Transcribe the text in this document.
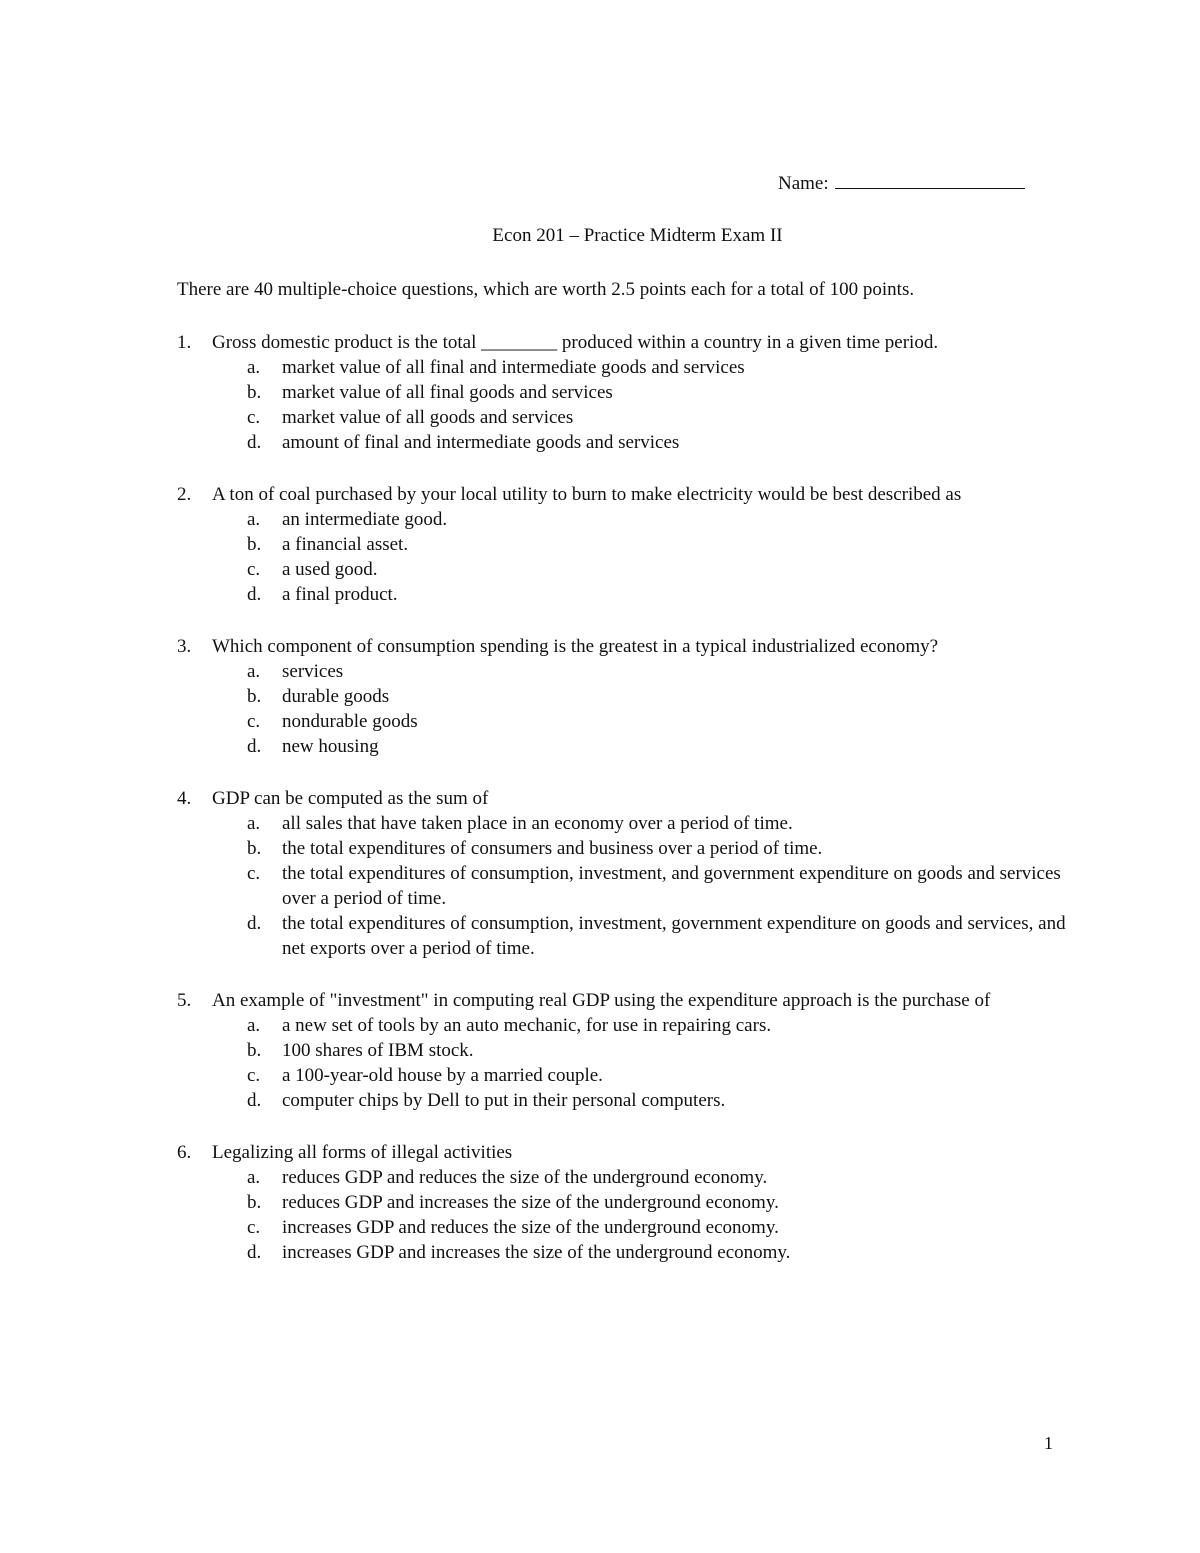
Name:
Econ 201 – Practice Midterm Exam II
There are 40 multiple-choice questions, which are worth 2.5 points each for a total of 100 points.
1. Gross domestic product is the total ________ produced within a country in a given time period.
a. market value of all final and intermediate goods and services
b. market value of all final goods and services
c. market value of all goods and services
d. amount of final and intermediate goods and services
2. A ton of coal purchased by your local utility to burn to make electricity would be best described as
a. an intermediate good.
b. a financial asset.
c. a used good.
d. a final product.
3. Which component of consumption spending is the greatest in a typical industrialized economy?
a. services
b. durable goods
c. nondurable goods
d. new housing
4. GDP can be computed as the sum of
a. all sales that have taken place in an economy over a period of time.
b. the total expenditures of consumers and business over a period of time.
c. the total expenditures of consumption, investment, and government expenditure on goods and services over a period of time.
d. the total expenditures of consumption, investment, government expenditure on goods and services, and net exports over a period of time.
5. An example of "investment" in computing real GDP using the expenditure approach is the purchase of
a. a new set of tools by an auto mechanic, for use in repairing cars.
b. 100 shares of IBM stock.
c. a 100-year-old house by a married couple.
d. computer chips by Dell to put in their personal computers.
6. Legalizing all forms of illegal activities
a. reduces GDP and reduces the size of the underground economy.
b. reduces GDP and increases the size of the underground economy.
c. increases GDP and reduces the size of the underground economy.
d. increases GDP and increases the size of the underground economy.
1
